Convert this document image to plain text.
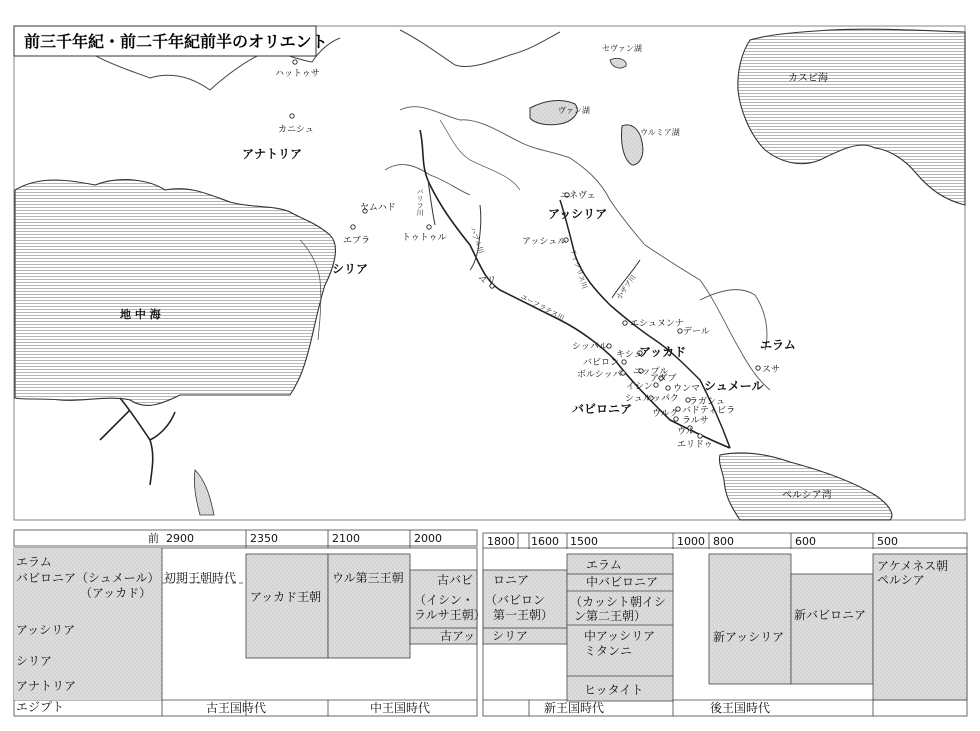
前三千年紀・前二千年紀前半のオリエント
ハットゥサ
カニシュ
アナトリア
ヤムハド
エブラ
シリア
トゥトゥル
マリ
ニネヴェ
アッシリア
アッシュル
エシュヌンナ
デール
キシュ
シッパル
バビロン
ボルシッパ ニップル
アダブ
イシン ウンマ
シュルッパク ラガシュ
バドティビラ
ウルク
ラルサ
ウル
エリドゥ
アッカド
シュメール
バビロニア
エラム
スサ
地 中 海
カスピ海
ペルシア湾
セヴァン湖
ヴァン湖
ウルミア湖
バリフ川
ハブル川
ユーフラテス川
ティグリス川	小ザブ川
前 2900	2350	2100	2000	1800 1600 1500	1000 800	600	500
エラム
バビロニア（シュメール）
（アッカド）
アッシリア
シリア
アナトリア
エジプト
初期王朝時代
アッカド王朝
ウル第三王朝	古バビ ロニア
（イシン・
ラルサ王朝）
（バビロン
第一王朝）
古アッ シリア
エラム
中バビロニア
（カッシト朝イシ
ン第二王朝）
中アッシリア
ミタンニ
ヒッタイト
新アッシリア
新バビロニア
アケメネス朝
ペルシア
古王国時代	中王国時代	新王国時代	後王国時代
